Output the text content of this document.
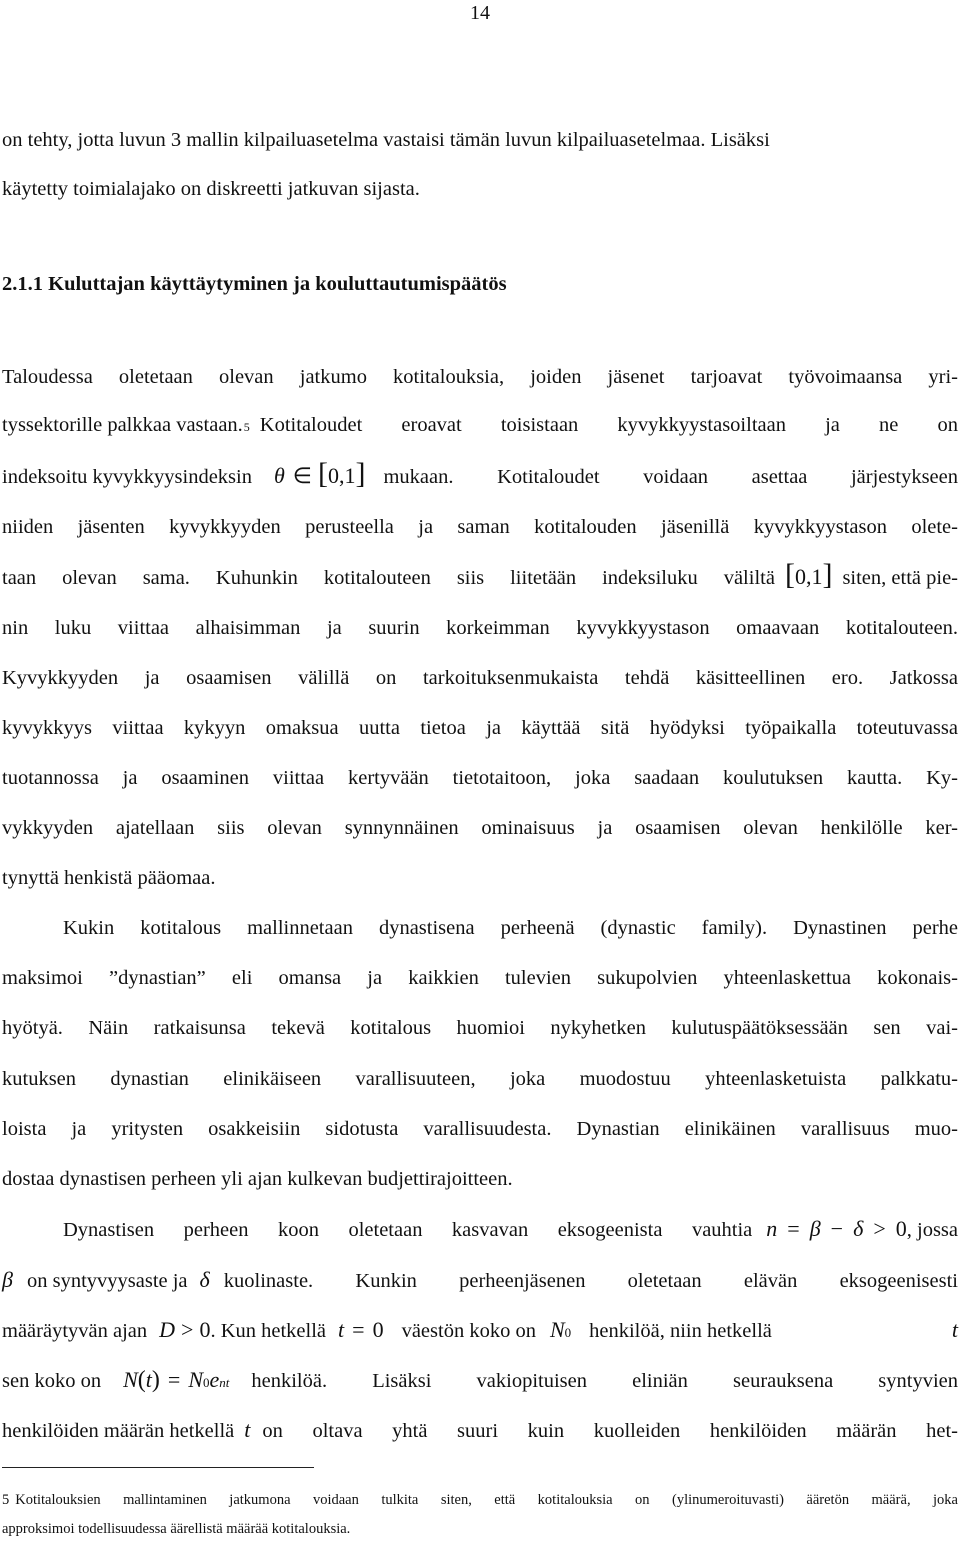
14
on tehty, jotta luvun 3 mallin kilpailuasetelma vastaisi tämän luvun kilpailuasetelmaa. Lisäksi
käytetty toimialajako on diskreetti jatkuvan sijasta.
2.1.1 Kuluttajan käyttäytyminen ja kouluttautumispäätös
Taloudessa oletetaan olevan jatkumo kotitalouksia, joiden jäsenet tarjoavat työvoimaansa yri-
tyssektorille palkkaa vastaan. 5 Kotitaloudet eroavat toisistaan kyvykkyystasoiltaan ja ne on
indeksoitu kyvykkyysindeksin θ ∈ [ 0,1 ] mukaan. Kotitaloudet voidaan asettaa järjestykseen
niiden jäsenten kyvykkyyden perusteella ja saman kotitalouden jäsenillä kyvykkyystason olete-
taan olevan sama. Kuhunkin kotitalouteen siis liitetään indeksiluku väliltä [ 0,1 ] siten, että pie-
nin luku viittaa alhaisimman ja suurin korkeimman kyvykkyystason omaavaan kotitalouteen.
Kyvykkyyden ja osaamisen välillä on tarkoituksenmukaista tehdä käsitteellinen ero. Jatkossa
kyvykkyys viittaa kykyyn omaksua uutta tietoa ja käyttää sitä hyödyksi työpaikalla toteutuvassa
tuotannossa ja osaaminen viittaa kertyvään tietotaitoon, joka saadaan koulutuksen kautta. Ky-
vykkyyden ajatellaan siis olevan synnynnäinen ominaisuus ja osaamisen olevan henkilölle ker-
tynyttä henkistä pääomaa.
Kukin kotitalous mallinnetaan dynastisena perheenä (dynastic family). Dynastinen perhe
maksimoi ”dynastian” eli omansa ja kaikkien tulevien sukupolvien yhteenlaskettua kokonais-
hyötyä. Näin ratkaisunsa tekevä kotitalous huomioi nykyhetken kulutuspäätöksessään sen vai-
kutuksen dynastian elinikäiseen varallisuuteen, joka muodostuu yhteenlasketuista palkkatu-
loista ja yritysten osakkeisiin sidotusta varallisuudesta. Dynastian elinikäinen varallisuus muo-
dostaa dynastisen perheen yli ajan kulkevan budjettirajoitteen.
Dynastisen perheen koon oletetaan kasvavan eksogeenista vauhtia n = β − δ > 0 , jossa
β on syntyvyysaste ja δ kuolinaste. Kunkin perheenjäsenen oletetaan elävän eksogeenisesti
määräytyvän ajan D > 0 . Kun hetkellä t = 0 väestön koko on N 0 henkilöä, niin hetkellä	t
sen koko on N ( t ) = N 0 e nt henkilöä. Lisäksi vakiopituisen eliniän seurauksena syntyvien
henkilöiden määrän hetkellä t on oltava yhtä suuri kuin kuolleiden henkilöiden määrän het-
5 Kotitalouksien mallintaminen jatkumona voidaan tulkita siten, että kotitalouksia on (ylinumeroituvasti) ääretön määrä, joka
approksimoi todellisuudessa äärellistä määrää kotitalouksia.
